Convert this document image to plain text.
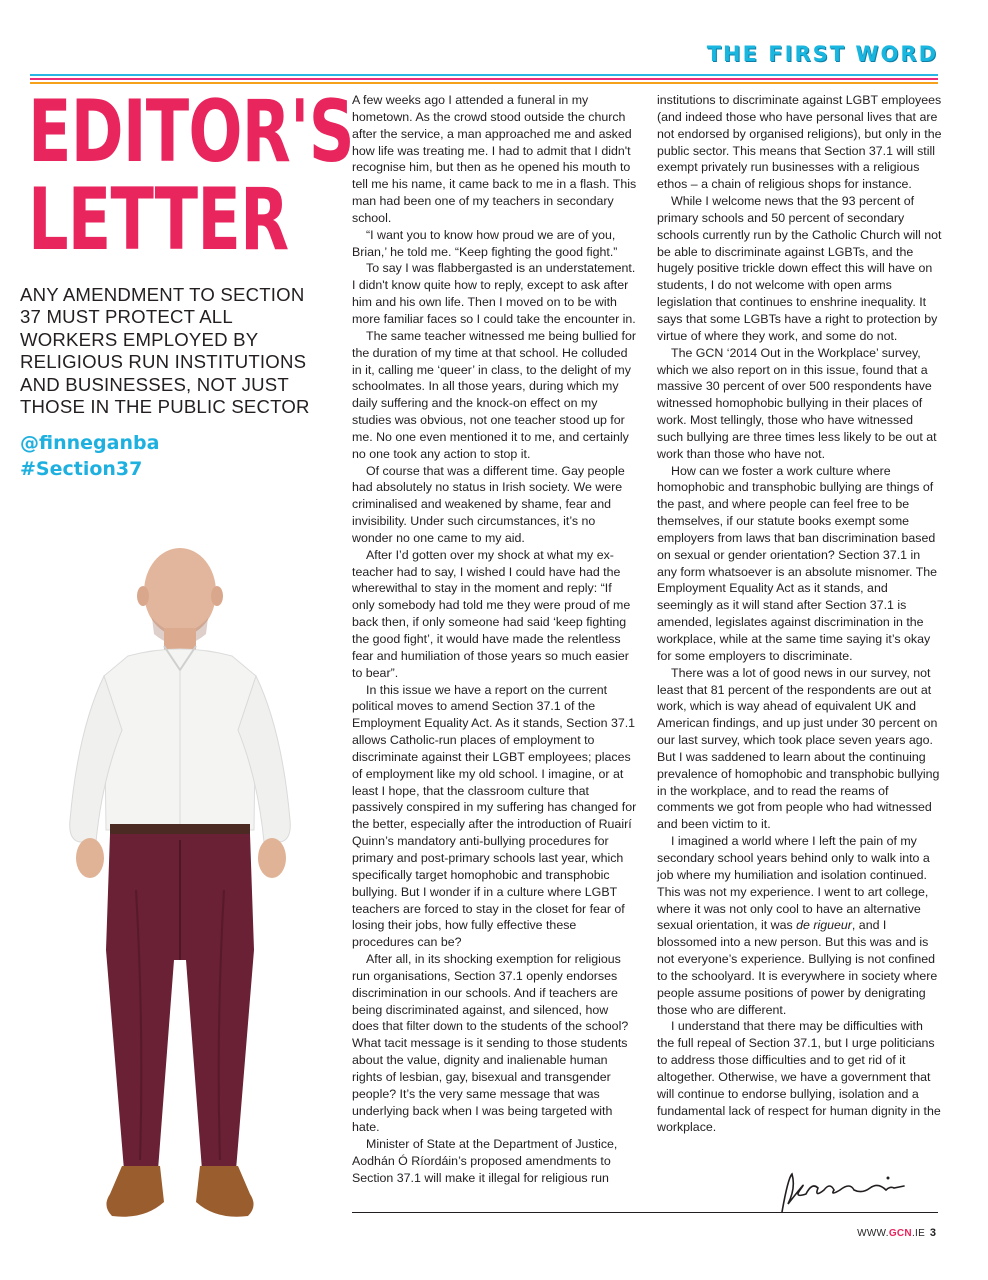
THE FIRST WORD
EDITOR'S
LETTER
ANY AMENDMENT TO SECTION 37 MUST PROTECT ALL WORKERS EMPLOYED BY RELIGIOUS RUN INSTITUTIONS AND BUSINESSES, NOT JUST THOSE IN THE PUBLIC SECTOR
@finneganba
#Section37

A few weeks ago I attended a funeral in my hometown. As the crowd stood outside the church after the service, a man approached me and asked how life was treating me. I had to admit that I didn't recognise him, but then as he opened his mouth to tell me his name, it came back to me in a flash. This man had been one of my teachers in secondary school.

“I want you to know how proud we are of you, Brian,’ he told me. “Keep fighting the good fight.”

To say I was flabbergasted is an understatement. I didn't know quite how to reply, except to ask after him and his own life. Then I moved on to be with more familiar faces so I could take the encounter in.

The same teacher witnessed me being bullied for the duration of my time at that school. He colluded in it, calling me ‘queer’ in class, to the delight of my schoolmates. In all those years, during which my daily suffering and the knock-on effect on my studies was obvious, not one teacher stood up for me. No one even mentioned it to me, and certainly no one took any action to stop it.

Of course that was a different time. Gay people had absolutely no status in Irish society. We were criminalised and weakened by shame, fear and invisibility. Under such circumstances, it’s no wonder no one came to my aid.

After I’d gotten over my shock at what my ex-teacher had to say, I wished I could have had the wherewithal to stay in the moment and reply: “If only somebody had told me they were proud of me back then, if only someone had said ‘keep fighting the good fight’, it would have made the relentless fear and humiliation of those years so much easier to bear”.

In this issue we have a report on the current political moves to amend Section 37.1 of the Employment Equality Act. As it stands, Section 37.1 allows Catholic-run places of employment to discriminate against their LGBT employees; places of employment like my old school. I imagine, or at least I hope, that the classroom culture that passively conspired in my suffering has changed for the better, especially after the introduction of Ruairí Quinn’s mandatory anti-bullying procedures for primary and post-primary schools last year, which specifically target homophobic and transphobic bullying. But I wonder if in a culture where LGBT teachers are forced to stay in the closet for fear of losing their jobs, how fully effective these procedures can be?

After all, in its shocking exemption for religious run organisations, Section 37.1 openly endorses discrimination in our schools. And if teachers are being discriminated against, and silenced, how does that filter down to the students of the school? What tacit message is it sending to those students about the value, dignity and inalienable human rights of lesbian, gay, bisexual and transgender people? It’s the very same message that was underlying back when I was being targeted with hate.

Minister of State at the Department of Justice, Aodhán Ó Ríordáin’s proposed amendments to Section 37.1 will make it illegal for religious run institutions to discriminate against LGBT employees (and indeed those who have personal lives that are not endorsed by organised religions), but only in the public sector. This means that Section 37.1 will still exempt privately run businesses with a religious ethos – a chain of religious shops for instance.

While I welcome news that the 93 percent of primary schools and 50 percent of secondary schools currently run by the Catholic Church will not be able to discriminate against LGBTs, and the hugely positive trickle down effect this will have on students, I do not welcome with open arms legislation that continues to enshrine inequality. It says that some LGBTs have a right to protection by virtue of where they work, and some do not.

The GCN ‘2014 Out in the Workplace’ survey, which we also report on in this issue, found that a massive 30 percent of over 500 respondents have witnessed homophobic bullying in their places of work. Most tellingly, those who have witnessed such bullying are three times less likely to be out at work than those who have not.

How can we foster a work culture where homophobic and transphobic bullying are things of the past, and where people can feel free to be themselves, if our statute books exempt some employers from laws that ban discrimination based on sexual or gender orientation? Section 37.1 in any form whatsoever is an absolute misnomer. The Employment Equality Act as it stands, and seemingly as it will stand after Section 37.1 is amended, legislates against discrimination in the workplace, while at the same time saying it’s okay for some employers to discriminate.

There was a lot of good news in our survey, not least that 81 percent of the respondents are out at work, which is way ahead of equivalent UK and American findings, and up just under 30 percent on our last survey, which took place seven years ago. But I was saddened to learn about the continuing prevalence of homophobic and transphobic bullying in the workplace, and to read the reams of comments we got from people who had witnessed and been victim to it.

I imagined a world where I left the pain of my secondary school years behind only to walk into a job where my humiliation and isolation continued. This was not my experience. I went to art college, where it was not only cool to have an alternative sexual orientation, it was de rigueur, and I blossomed into a new person. But this was and is not everyone’s experience. Bullying is not confined to the schoolyard. It is everywhere in society where people assume positions of power by denigrating those who are different.

I understand that there may be difficulties with the full repeal of Section 37.1, but I urge politicians to address those difficulties and to get rid of it altogether. Otherwise, we have a government that will continue to endorse bullying, isolation and a fundamental lack of respect for human dignity in the workplace.

WWW.GCN.IE 3
